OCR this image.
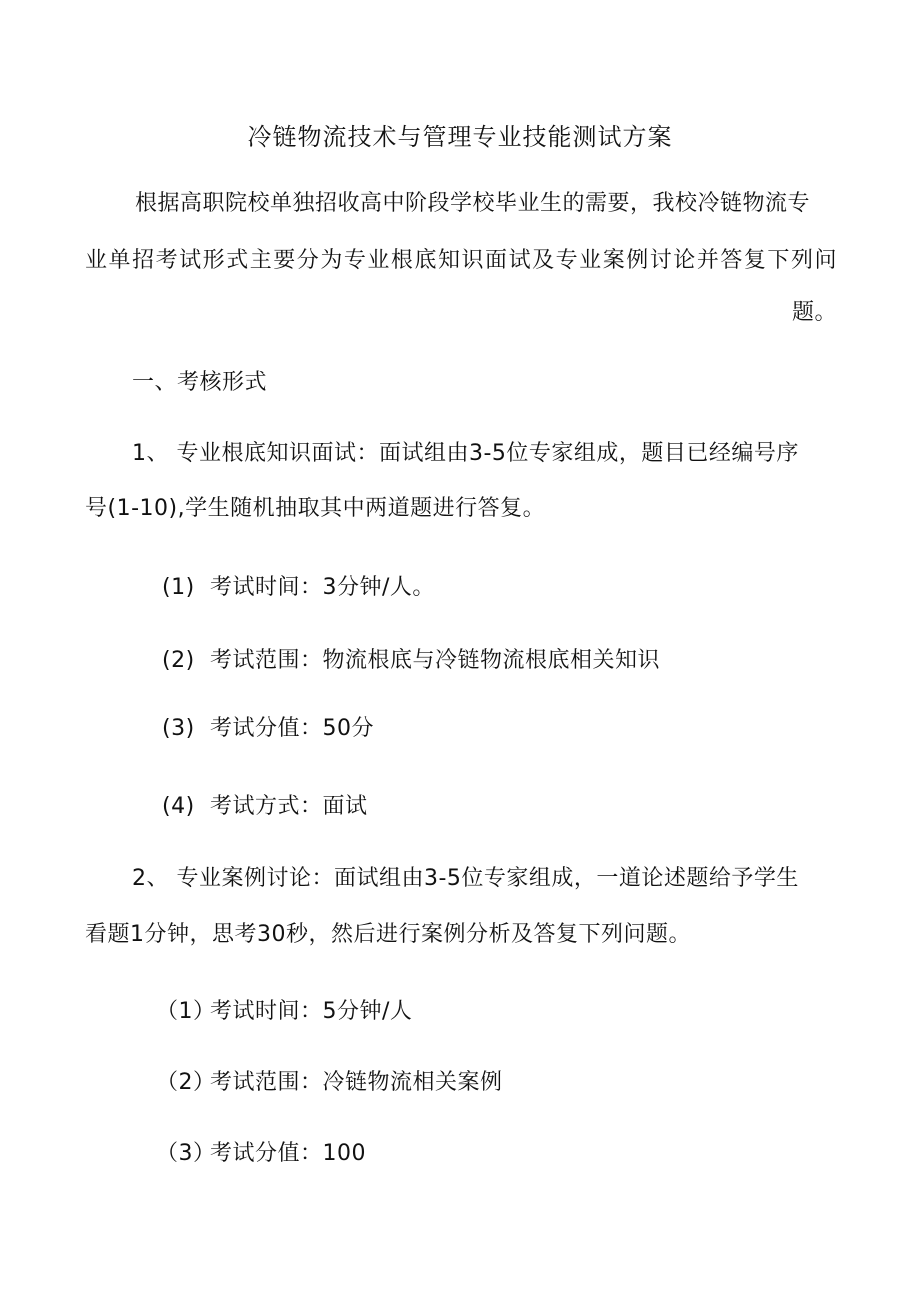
冷链物流技术与管理专业技能测试方案
根据高职院校单独招收高中阶段学校毕业生的需要，我校冷链物流专
业单招考试形式主要分为专业根底知识面试及专业案例讨论并答复下列问
题。
一、考核形式
1、 专业根底知识面试：面试组由3-5位专家组成，题目已经编号序
号(1-10),学生随机抽取其中两道题进行答复。
(1) 考试时间：3分钟/人。
(2) 考试范围：物流根底与冷链物流根底相关知识
(3) 考试分值：50分
(4) 考试方式：面试
2、 专业案例讨论：面试组由3-5位专家组成，一道论述题给予学生
看题1分钟，思考30秒，然后进行案例分析及答复下列问题。
（1）考试时间：5分钟/人
（2）考试范围：冷链物流相关案例
（3）考试分值：100
